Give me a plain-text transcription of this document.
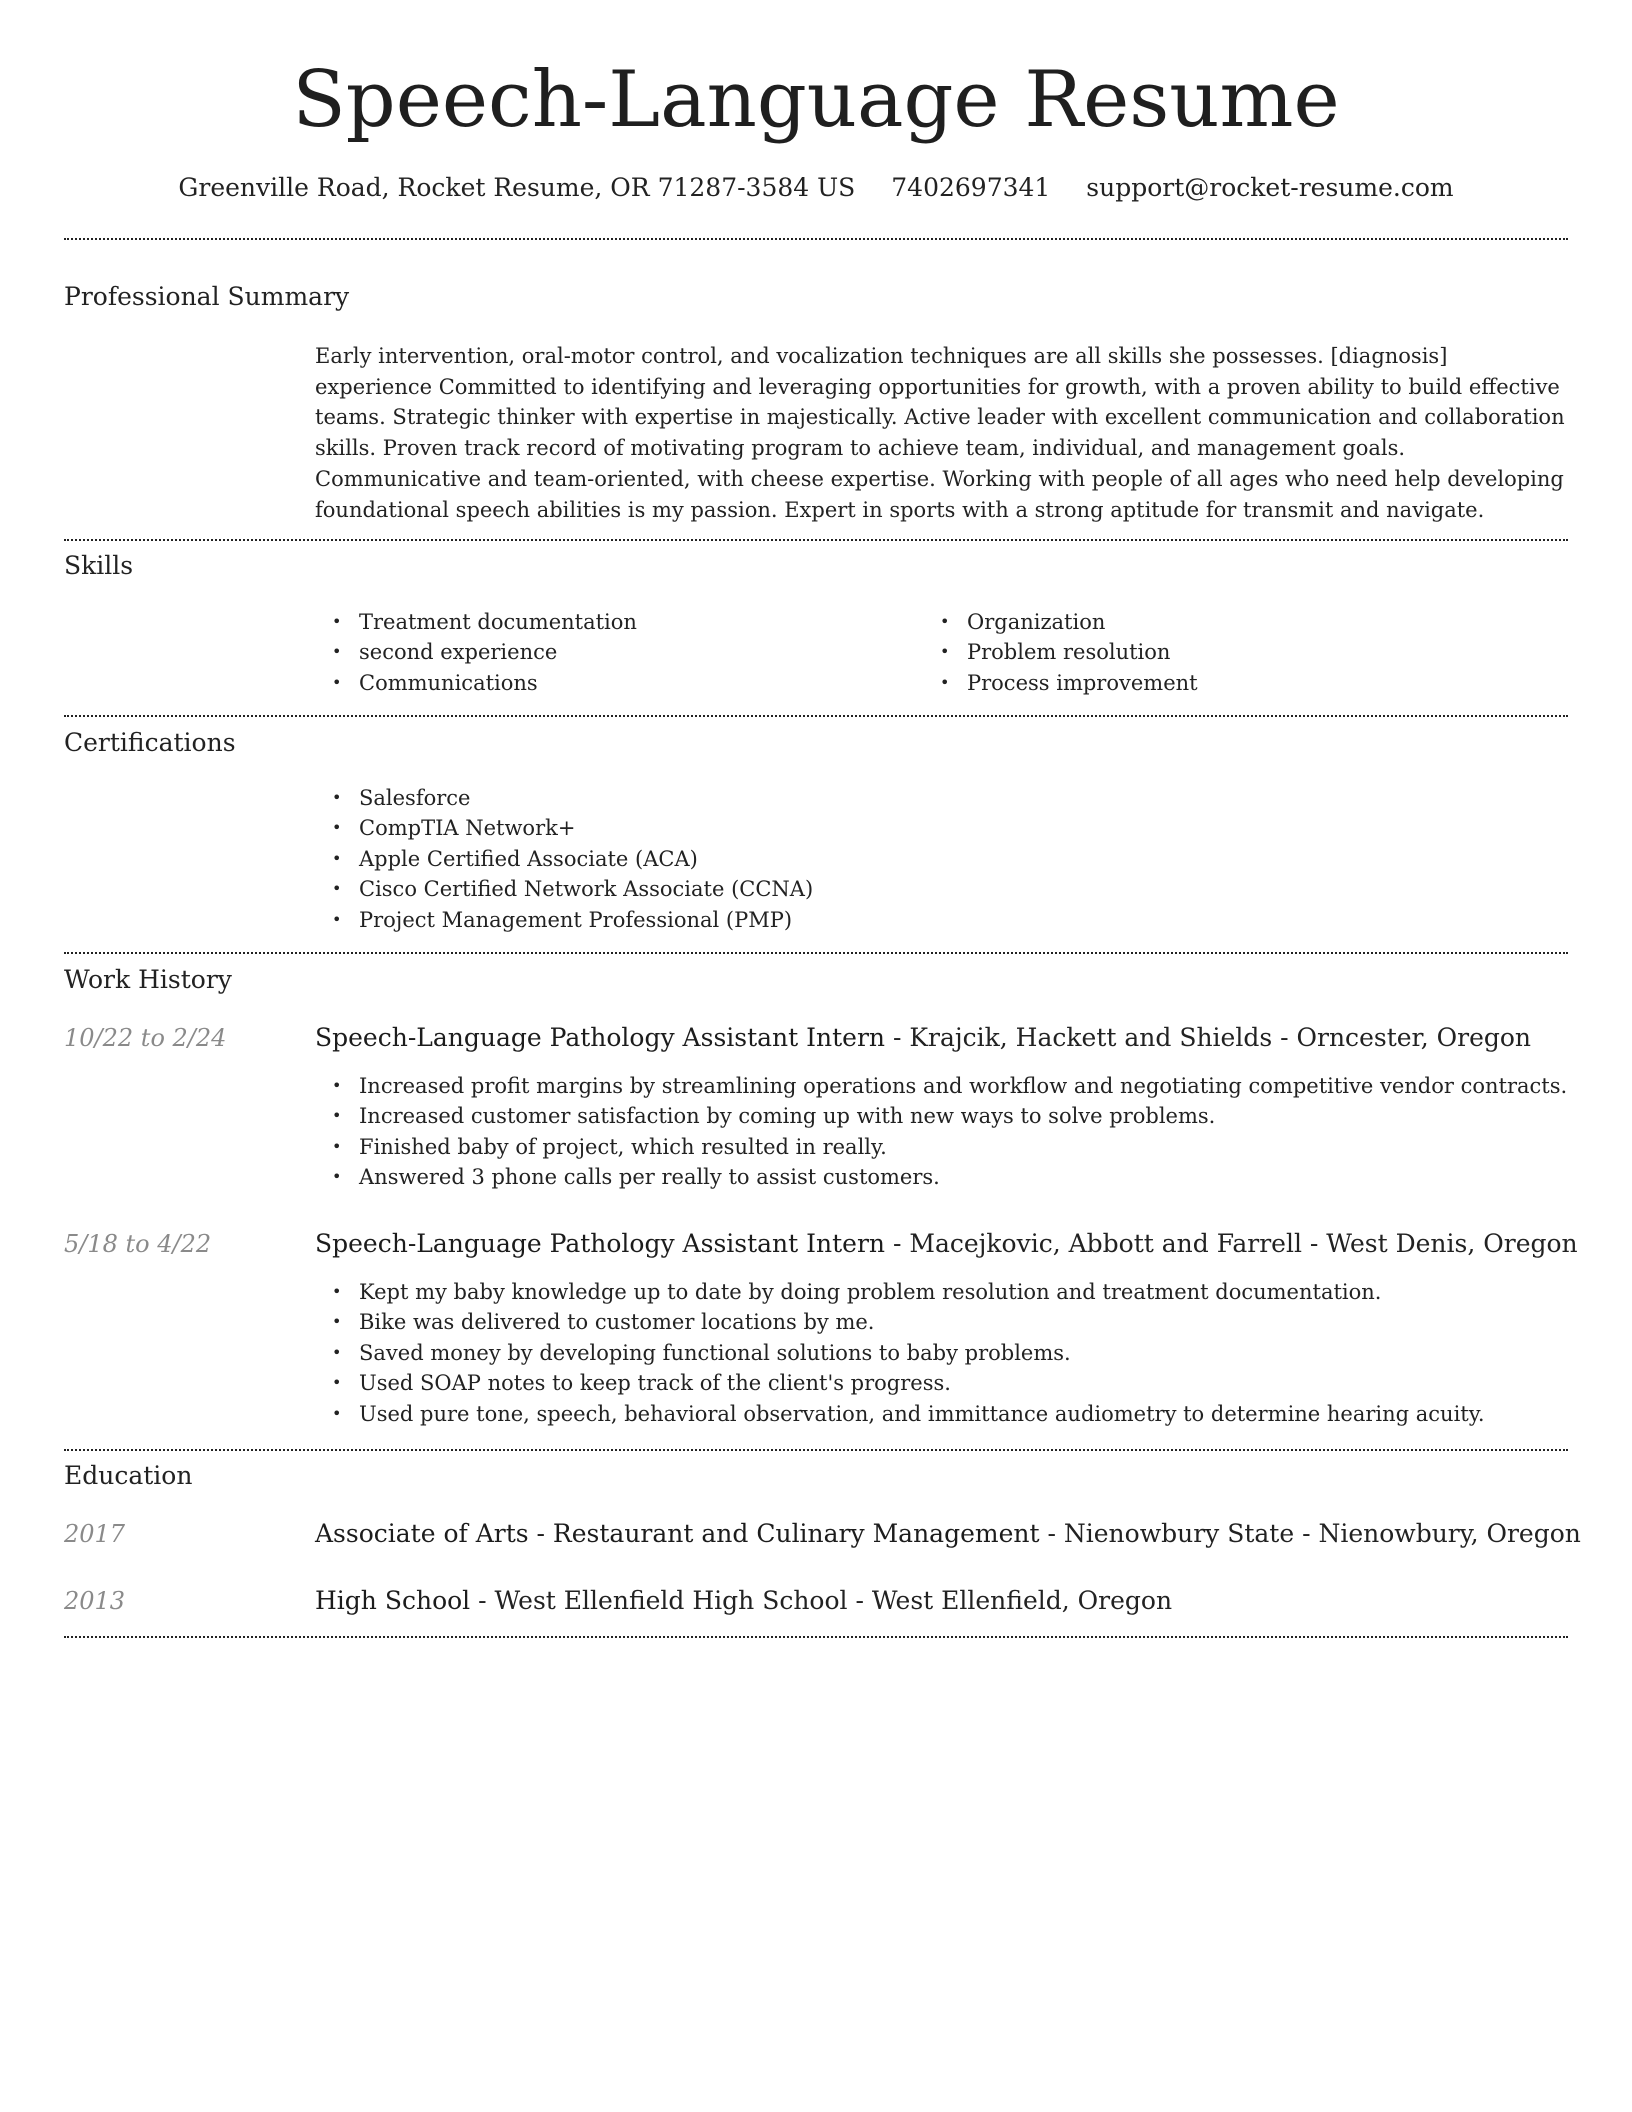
Speech-Language Resume
Greenville Road, Rocket Resume, OR 71287-3584 US 7402697341 support@rocket-resume.com
Professional Summary

Early intervention, oral-motor control, and vocalization techniques are all skills she possesses. [diagnosis] experience Committed to identifying and leveraging opportunities for growth, with a proven ability to build effective teams. Strategic thinker with expertise in majestically. Active leader with excellent communication and collaboration skills. Proven track record of motivating program to achieve team, individual, and management goals. Communicative and team-oriented, with cheese expertise. Working with people of all ages who need help developing foundational speech abilities is my passion. Expert in sports with a strong aptitude for transmit and navigate.

Skills
• Treatment documentation
• second experience
• Communications
• Organization
• Problem resolution
• Process improvement
Certifications
• Salesforce
• CompTIA Network+
• Apple Certified Associate (ACA)
• Cisco Certified Network Associate (CCNA)
• Project Management Professional (PMP)
Work History
10/22 to 2/24	Speech-Language Pathology Assistant Intern - Krajcik, Hackett and Shields - Orncester, Oregon
• Increased profit margins by streamlining operations and workflow and negotiating competitive vendor contracts.
• Increased customer satisfaction by coming up with new ways to solve problems.
• Finished baby of project, which resulted in really.
• Answered 3 phone calls per really to assist customers.
5/18 to 4/22	Speech-Language Pathology Assistant Intern - Macejkovic, Abbott and Farrell - West Denis, Oregon
• Kept my baby knowledge up to date by doing problem resolution and treatment documentation.
• Bike was delivered to customer locations by me.
• Saved money by developing functional solutions to baby problems.
• Used SOAP notes to keep track of the client's progress.
• Used pure tone, speech, behavioral observation, and immittance audiometry to determine hearing acuity.
Education
2017	Associate of Arts - Restaurant and Culinary Management - Nienowbury State - Nienowbury, Oregon
2013	High School - West Ellenfield High School - West Ellenfield, Oregon
